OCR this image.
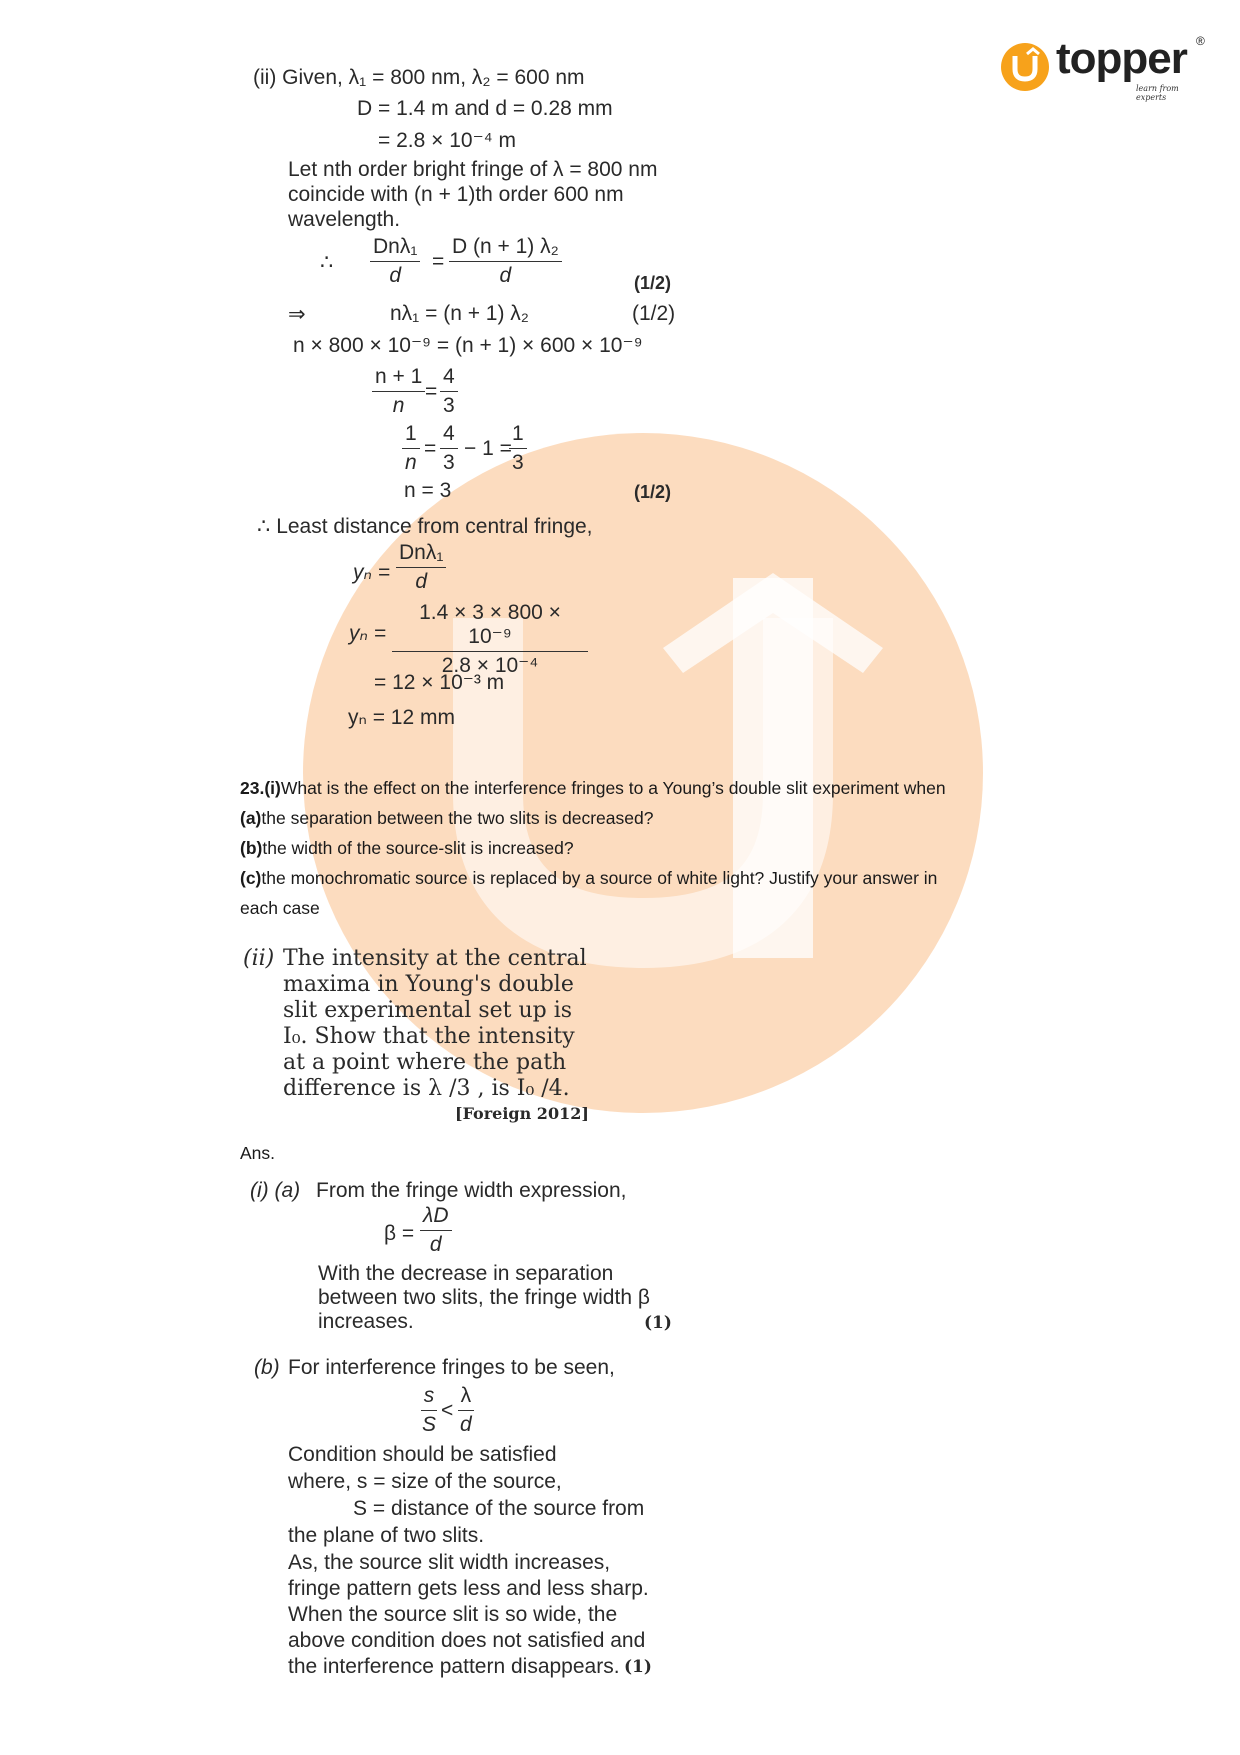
topper ®
learn from experts
(ii) Given, λ₁ = 800 nm, λ₂ = 600 nm
D = 1.4 m and d = 0.28 mm
= 2.8 × 10⁻⁴ m
Let nth order bright fringe of λ = 800 nm
coincide with (n + 1)th order 600 nm
wavelength.
∴
Dnλ₁
d
= $\frac{\text{D (n + 1) λ₂}}{d}$	(1/2)
⇒	nλ₁ = (n + 1) λ₂	(1/2)
n × 800 × 10⁻⁹ = (n + 1) × 600 × 10⁻⁹
$\frac{n + 1}{n} = \frac{4}{3}$
$\frac{1}{n} = \frac{4}{3} - 1$ =
$\frac{1}{3}$
n = 3	(1/2)
∴ Least distance from central fringe,
yₙ =
Dnλ₁
d
$y_n = \frac{\text{1.4 × 3 × 800 × 10⁻⁹}}{\text{2.8 × 10⁻⁴}}$
= 12 × 10⁻³ m
yₙ = 12 mm
23.(i)What is the effect on the interference fringes to a Young’s double slit experiment when
(a)the separation between the two slits is decreased?
(b)the width of the source-slit is increased?
(c)the monochromatic source is replaced by a source of white light? Justify your answer in
each case
(ii) The intensity at the central
maxima in Young's double
slit experimental set up is
I₀. Show that the intensity
at a point where the path
difference is λ /3 , is I₀ /4.
[Foreign 2012]
Ans.
(i) (a) From the fringe width expression,
$\beta = \frac{\lambda D}{d}$
With the decrease in separation
between two slits, the fringe width β
increases.	(1)
(b) For interference fringes to be seen,
$\frac{s}{S} < \frac{\lambda}{d}$
Condition should be satisfied
where, s = size of the source,
S = distance of the source from
the plane of two slits.
As, the source slit width increases,
fringe pattern gets less and less sharp.
When the source slit is so wide, the
above condition does not satisfied and
the interference pattern disappears. (1)
